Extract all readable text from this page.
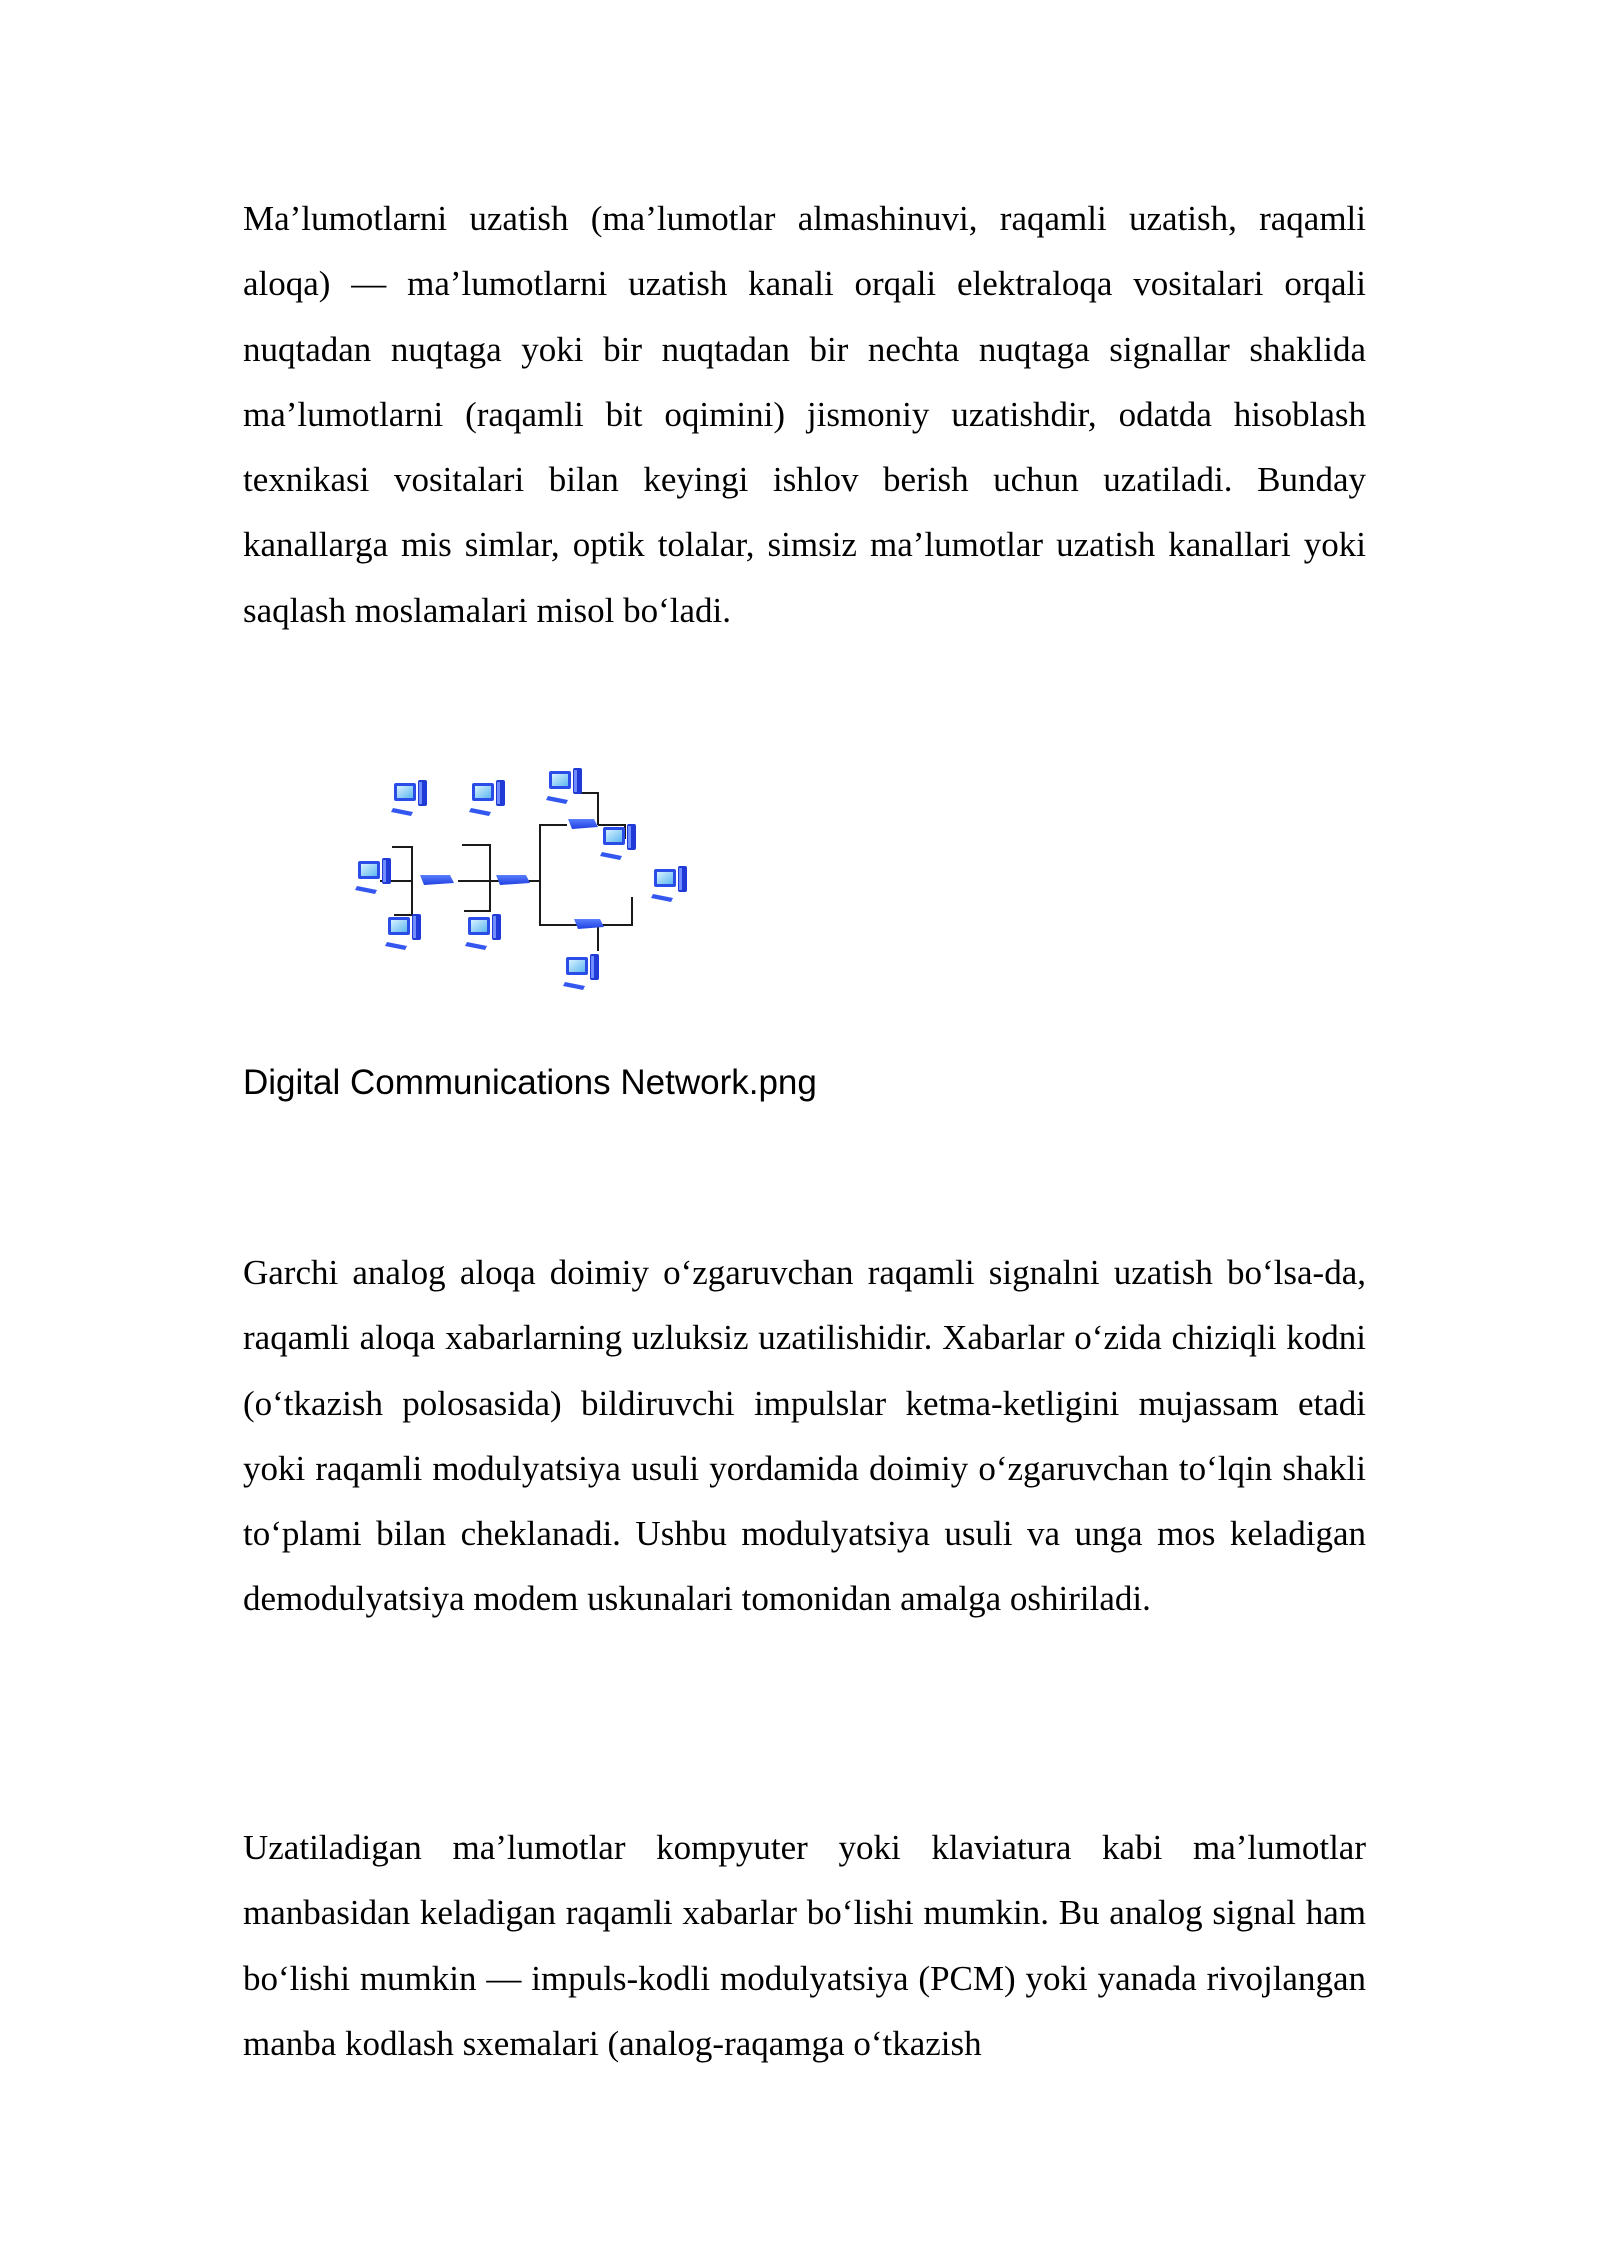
Ma’lumotlarni uzatish (ma’lumotlar almashinuvi, raqamli uzatish, raqamli aloqa) — ma’lumotlarni uzatish kanali orqali elektraloqa vositalari orqali nuqtadan nuqtaga yoki bir nuqtadan bir nechta nuqtaga signallar shaklida ma’lumotlarni (raqamli bit oqimini) jismoniy uzatishdir, odatda hisoblash texnikasi vositalari bilan keyingi ishlov berish uchun uzatiladi. Bunday kanallarga mis simlar, optik tolalar, simsiz ma’lumotlar uzatish kanallari yoki saqlash moslamalari misol bo‘ladi.

Digital Communications Network.png

Garchi analog aloqa doimiy o‘zgaruvchan raqamli signalni uzatish bo‘lsa-da, raqamli aloqa xabarlarning uzluksiz uzatilishidir. Xabarlar o‘zida chiziqli kodni (o‘tkazish polosasida) bildiruvchi impulslar ketma-ketligini mujassam etadi yoki raqamli modulyatsiya usuli yordamida doimiy o‘zgaruvchan to‘lqin shakli to‘plami bilan cheklanadi. Ushbu modulyatsiya usuli va unga mos keladigan demodulyatsiya modem uskunalari tomonidan amalga oshiriladi.

Uzatiladigan ma’lumotlar kompyuter yoki klaviatura kabi ma’lumotlar manbasidan keladigan raqamli xabarlar bo‘lishi mumkin. Bu analog signal ham bo‘lishi mumkin — impuls-kodli modulyatsiya (PCM) yoki yanada rivojlangan manba kodlash sxemalari (analog-raqamga o‘tkazish
